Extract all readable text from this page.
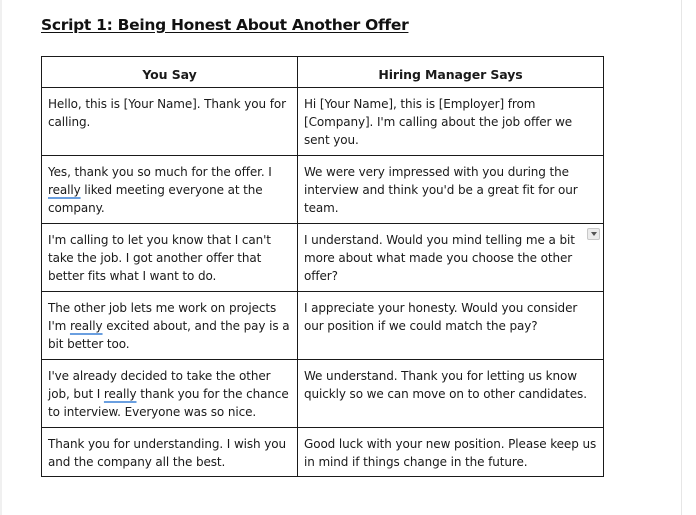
Script 1: Being Honest About Another Offer
You Say	Hiring Manager Says
Hello, this is [Your Name]. Thank you for calling.	Hi [Your Name], this is [Employer] from [Company]. I'm calling about the job offer we sent you.
Yes, thank you so much for the offer. I really liked meeting everyone at the company.	We were very impressed with you during the interview and think you'd be a great fit for our team.
I'm calling to let you know that I can't take the job. I got another offer that better fits what I want to do.	I understand. Would you mind telling me a bit more about what made you choose the other offer?

The other job lets me work on projects I'm really excited about, and the pay is a bit better too.	I appreciate your honesty. Would you consider our position if we could match the pay?
I've already decided to take the other job, but I really thank you for the chance to interview. Everyone was so nice.	We understand. Thank you for letting us know quickly so we can move on to other candidates.
Thank you for understanding. I wish you and the company all the best.	Good luck with your new position. Please keep us in mind if things change in the future.
